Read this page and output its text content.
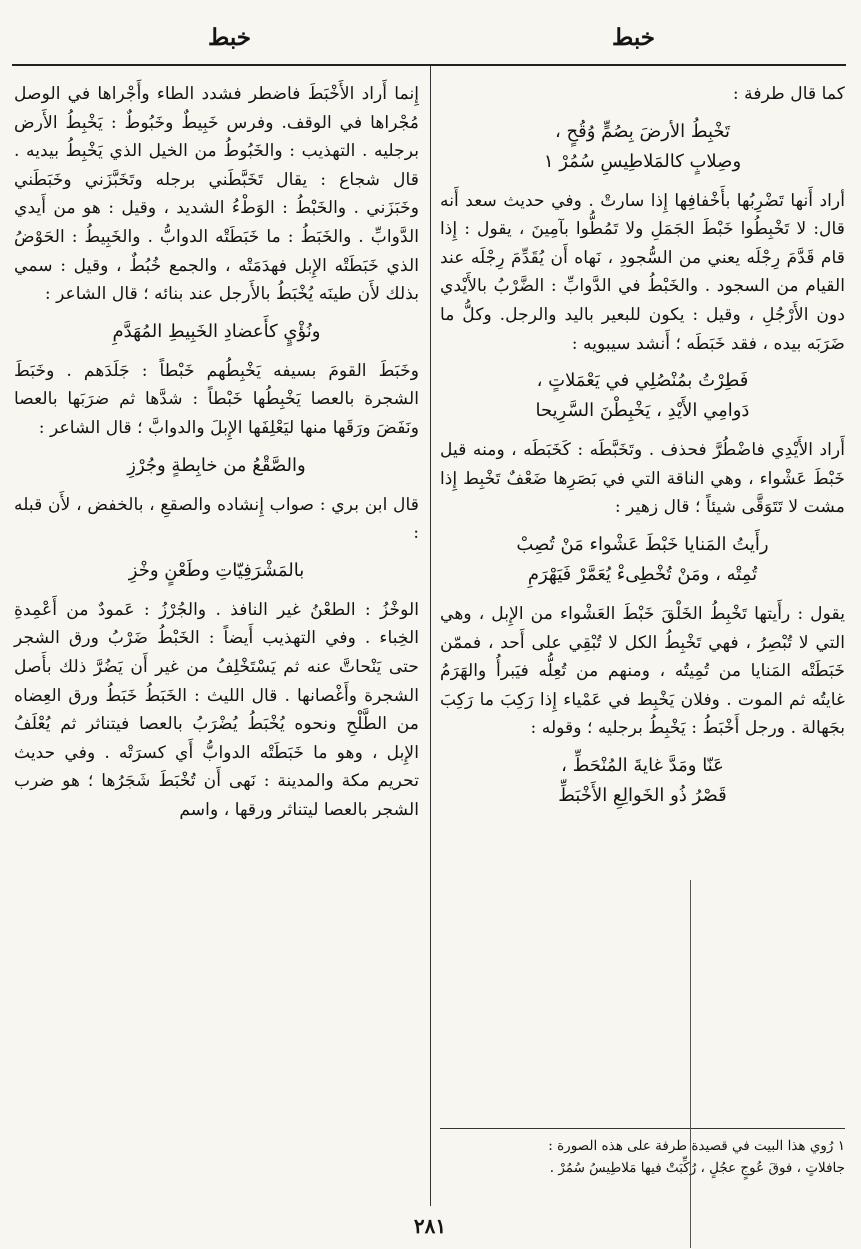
خبط
خبط

كما قال طرفة :

تَخْبِطُ الأرضَ بِصُمٍّ وُقُحٍ ،
وصِلابٍ كالمَلاطِيسِ سُمُرْ ١

أراد أَنها تَضْرِبُها بأَخْفافِها إِذا سارتْ . وفي حديث سعد أَنه قال: لا تَخْبِطُوا خَبْطَ الجَمَلِ ولا تَمُطُّوا بآمِينَ ، يقول : إِذا قام قَدَّمَ رِجْلَه يعني من السُّجودِ ، نَهاه أَن يُقَدِّمَ رِجْلَه عند القيام من السجود . والخَبْطُ في الدَّوابِّ : الضَّرْبُ بالأَيْدي دون الأَرْجُلِ ، وقيل : يكون للبعير باليد والرجل. وكلُّ ما ضَرَبَه بيده ، فقد خَبَطَه ؛ أَنشد سيبويه :

فَطِرْتُ بمُنْصُلِي في يَعْمَلاتٍ ،
دَوامِي الأَيْدِ ، يَخْبِطْنَ السَّرِيحا

أَراد الأَيْدِي فاضْطُرَّ فحذف . وتَخَبَّطَه : كَخَبَطَه ، ومنه قيل خَبْطَ عَشْواء ، وهي الناقة التي في بَصَرِها ضَعْفٌ تَخْبِط إِذا مشت لا تَتَوَقَّى شيئاً ؛ قال زهير :

رأَيتُ المَنايا خَبْطَ عَشْواء مَنْ تُصِبْ
تُمِتْه ، ومَنْ تُخْطِىءْ يُعَمَّرْ فَيَهْرَمِ

يقول : رأَيتها تَخْبِطُ الخَلْقَ خَبْطَ العَشْواء من الإِبل ، وهي التي لا تُبْصِرُ ، فهي تَخْبِطُ الكل لا تُبْقِي على أَحد ، فممّن خَبَطَتْه المَنايا من تُمِيتُه ، ومنهم من تُعِلُّه فيَبرأُ والهَرَمُ غايتُه ثم الموت . وفلان يَخْبِط في عَمْياء إِذا رَكِبَ ما رَكِبَ بجَهالة . ورجل أَخْبَطُ : يَخْبِطُ برجليه ؛ وقوله :

عَنّا ومَدَّ غايةَ المُنْحَطِّ ،
قَصْرُ ذُو الخَوالِعِ الأَخْبَطِّ

١ رُوي هذا البيت في قصيدة طرفة على هذه الصورة :

جافلاتٍ ، فوقَ عُوجٍ عجُلٍ ، رُكِّبَتْ فيها مَلاطِيسُ سُمُرْ .

إِنما أَراد الأَخْبَطَ فاضطر فشدد الطاء وأَجْراها في الوصل مُجْراها في الوقف. وفرس خَبِيطٌ وخَبُوطٌ : يَخْبِطُ الأَرض برجليه . التهذيب : والخَبُوطُ من الخيل الذي يَخْبِطُ بيديه . قال شجاع : يقال تَخَبَّطَني برجله وتَخَبَّزَني وخَبَطَني وخَبَزَني . والخَبْطُ : الوَطْءُ الشديد ، وقيل : هو من أَيدي الدَّوابِّ . والخَبَطُ : ما خَبَطَتْه الدوابُّ . والخَبِيطُ : الحَوْضُ الذي خَبَطَتْه الإِبل فهدَمَتْه ، والجمع خُبُطٌ ، وقيل : سمي بذلك لأَن طينَه يُخْبَطُ بالأَرجل عند بنائه ؛ قال الشاعر :

ونُؤْيٍ كأَعضادِ الخَبِيطِ المُهَدَّمِ

وخَبَطَ القومَ بسيفه يَخْبِطُهم خَبْطاً : جَلَدَهم . وخَبَطَ الشجرة بالعصا يَخْبِطُها خَبْطاً : شدَّها ثم ضرَبَها بالعصا ونَفَضَ ورَقَها منها ليَعْلِفَها الإِبلَ والدوابَّ ؛ قال الشاعر :

والصَّقْعُ من خابِطةٍ وجُرْزِ

قال ابن بري : صواب إِنشاده والصقعِ ، بالخفض ، لأَن قبله :

بالمَشْرَفِيّاتِ وطَعْنٍ وخْزِ

الوخْزُ : الطعْنُ غير النافذ . والجُرْزُ : عَمودٌ من أَعْمِدةِ الخِباء . وفي التهذيب أَيضاً : الخَبْطُ ضَرْبُ ورق الشجر حتى يَنْحاتَّ عنه ثم يَسْتَخْلِفُ من غير أَن يَضُرَّ ذلك بأَصل الشجرة وأَغْصانها . قال الليث : الخَبَطُ خَبَطُ ورق العِضاه من الطَّلْحِ ونحوه يُخْبَطُ يُضْرَبُ بالعصا فيتناثر ثم يُعْلَفُ الإِبل ، وهو ما خَبَطَتْه الدوابُّ أَي كسرَتْه . وفي حديث تحريم مكة والمدينة : نَهى أَن تُخْبَطَ شَجَرُها ؛ هو ضرب الشجر بالعصا ليتناثر ورقها ، واسم

٢٨١
